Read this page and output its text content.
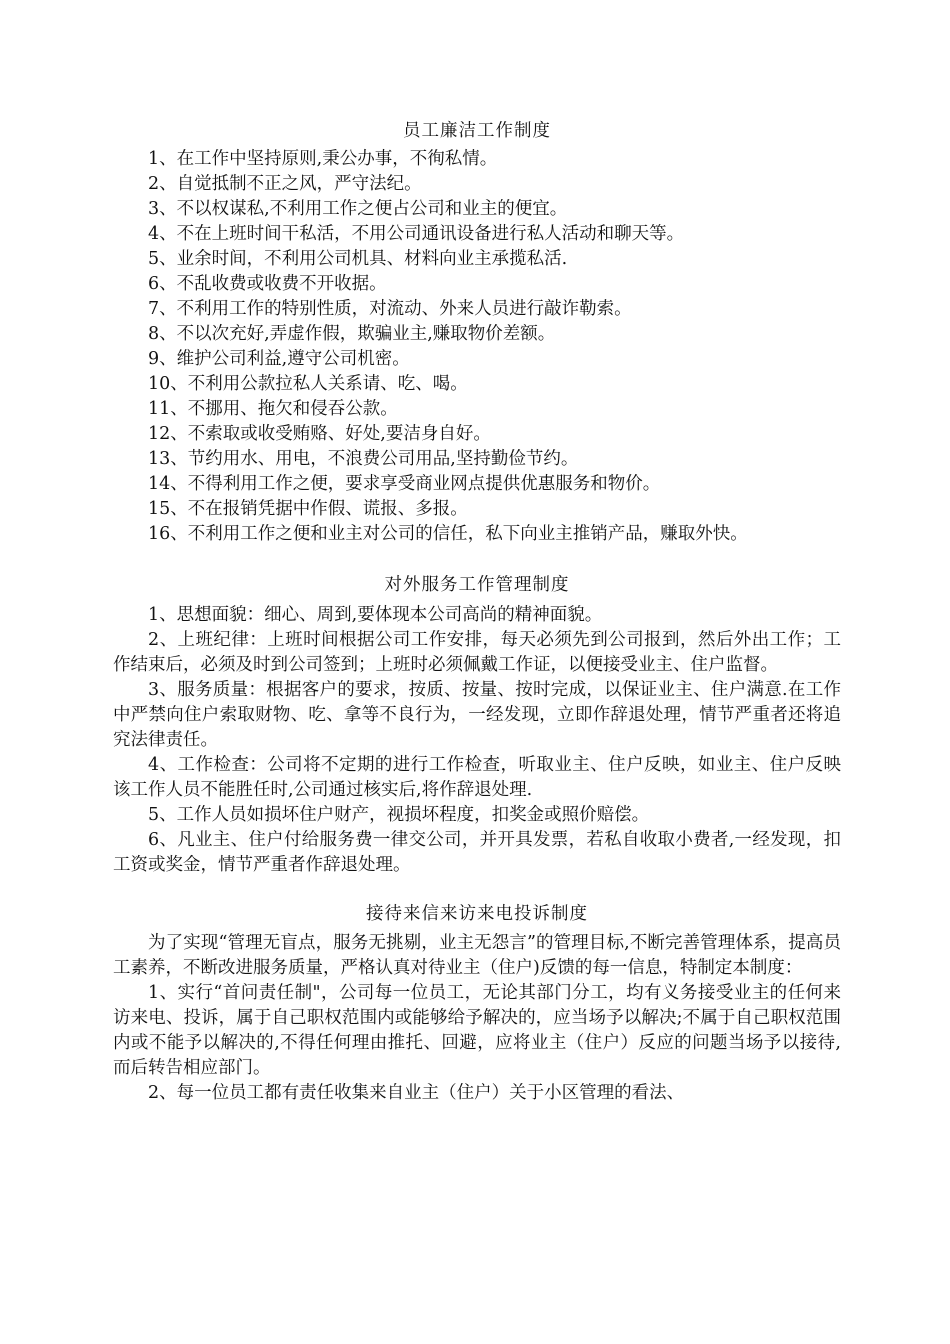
员工廉洁工作制度

1、在工作中坚持原则,秉公办事，不徇私情。

2、自觉抵制不正之风，严守法纪。

3、不以权谋私,不利用工作之便占公司和业主的便宜。

4、不在上班时间干私活，不用公司通讯设备进行私人活动和聊天等。

5、业余时间，不利用公司机具、材料向业主承揽私活.

6、不乱收费或收费不开收据。

7、不利用工作的特别性质，对流动、外来人员进行敲诈勒索。

8、不以次充好,弄虚作假，欺骗业主,赚取物价差额。

9、维护公司利益,遵守公司机密。

10、不利用公款拉私人关系请、吃、喝。

11、不挪用、拖欠和侵吞公款。

12、不索取或收受贿赂、好处,要洁身自好。

13、节约用水、用电，不浪费公司用品,坚持勤俭节约。

14、不得利用工作之便，要求享受商业网点提供优惠服务和物价。

15、不在报销凭据中作假、谎报、多报。

16、不利用工作之便和业主对公司的信任，私下向业主推销产品，赚取外快。

对外服务工作管理制度

1、思想面貌：细心、周到,要体现本公司高尚的精神面貌。

2、上班纪律：上班时间根据公司工作安排，每天必须先到公司报到，然后外出工作；工作结束后，必须及时到公司签到；上班时必须佩戴工作证，以便接受业主、住户监督。

3、服务质量：根据客户的要求，按质、按量、按时完成，以保证业主、住户满意.在工作中严禁向住户索取财物、吃、拿等不良行为，一经发现，立即作辞退处理，情节严重者还将追究法律责任。

4、工作检查：公司将不定期的进行工作检查，听取业主、住户反映，如业主、住户反映该工作人员不能胜任时,公司通过核实后,将作辞退处理.

5、工作人员如损坏住户财产，视损坏程度，扣奖金或照价赔偿。

6、凡业主、住户付给服务费一律交公司，并开具发票，若私自收取小费者,一经发现，扣工资或奖金，情节严重者作辞退处理。

接待来信来访来电投诉制度

为了实现“管理无盲点，服务无挑剔，业主无怨言”的管理目标,不断完善管理体系，提高员工素养，不断改进服务质量，严格认真对待业主（住户)反馈的每一信息，特制定本制度：

1、实行“首问责任制"，公司每一位员工，无论其部门分工，均有义务接受业主的任何来访来电、投诉，属于自己职权范围内或能够给予解决的，应当场予以解决;不属于自己职权范围内或不能予以解决的,不得任何理由推托、回避，应将业主（住户）反应的问题当场予以接待,而后转告相应部门。

2、每一位员工都有责任收集来自业主（住户）关于小区管理的看法、
